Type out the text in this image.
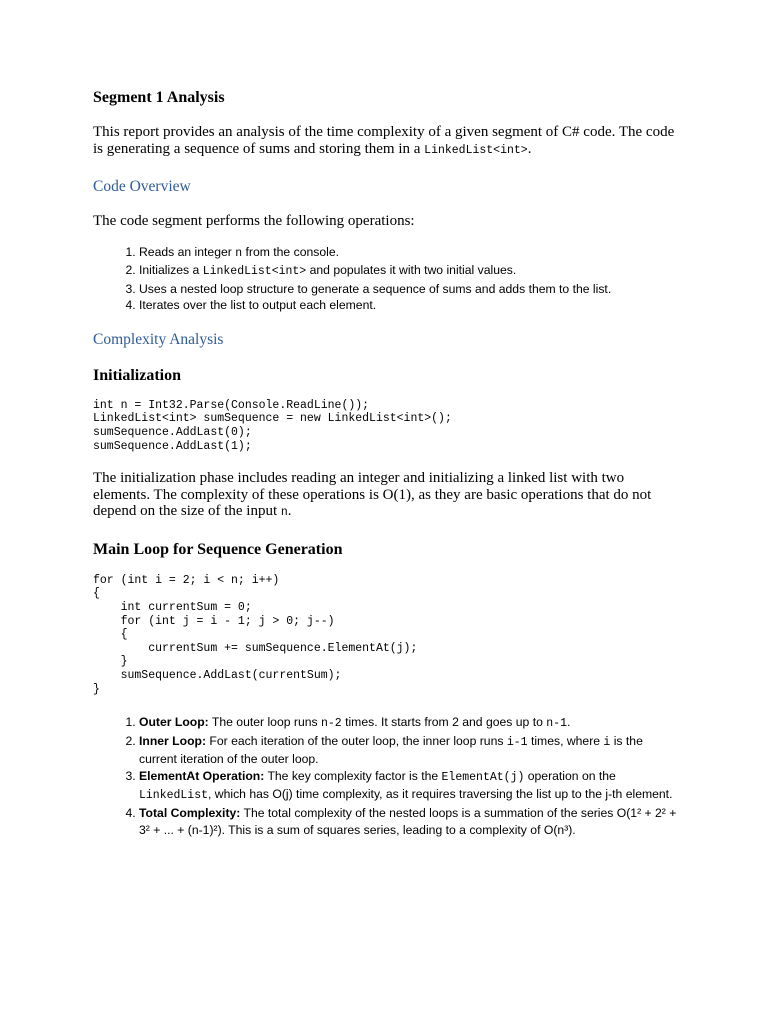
Segment 1 Analysis

This report provides an analysis of the time complexity of a given segment of C# code. The code is generating a sequence of sums and storing them in a LinkedList<int>.

Code Overview

The code segment performs the following operations:

1. Reads an integer n from the console.
2. Initializes a LinkedList<int> and populates it with two initial values.
3. Uses a nested loop structure to generate a sequence of sums and adds them to the list.
4. Iterates over the list to output each element.
Complexity Analysis
Initialization
int n = Int32.Parse(Console.ReadLine());
LinkedList<int> sumSequence = new LinkedList<int>();
sumSequence.AddLast(0);
sumSequence.AddLast(1);

The initialization phase includes reading an integer and initializing a linked list with two elements. The complexity of these operations is O(1), as they are basic operations that do not depend on the size of the input n.

Main Loop for Sequence Generation
for (int i = 2; i < n; i++)
{
int currentSum = 0;
for (int j = i - 1; j > 0; j--)
{
currentSum += sumSequence.ElementAt(j);
}
sumSequence.AddLast(currentSum);
}
1. Outer Loop: The outer loop runs n-2 times. It starts from 2 and goes up to n-1.
2. Inner Loop: For each iteration of the outer loop, the inner loop runs i-1 times, where i is the current iteration of the outer loop.
3. ElementAt Operation: The key complexity factor is the ElementAt(j) operation on the LinkedList, which has O(j) time complexity, as it requires traversing the list up to the j-th element.
4. Total Complexity: The total complexity of the nested loops is a summation of the series O(1² + 2² + 3² + ... + (n-1)²). This is a sum of squares series, leading to a complexity of O(n³).
